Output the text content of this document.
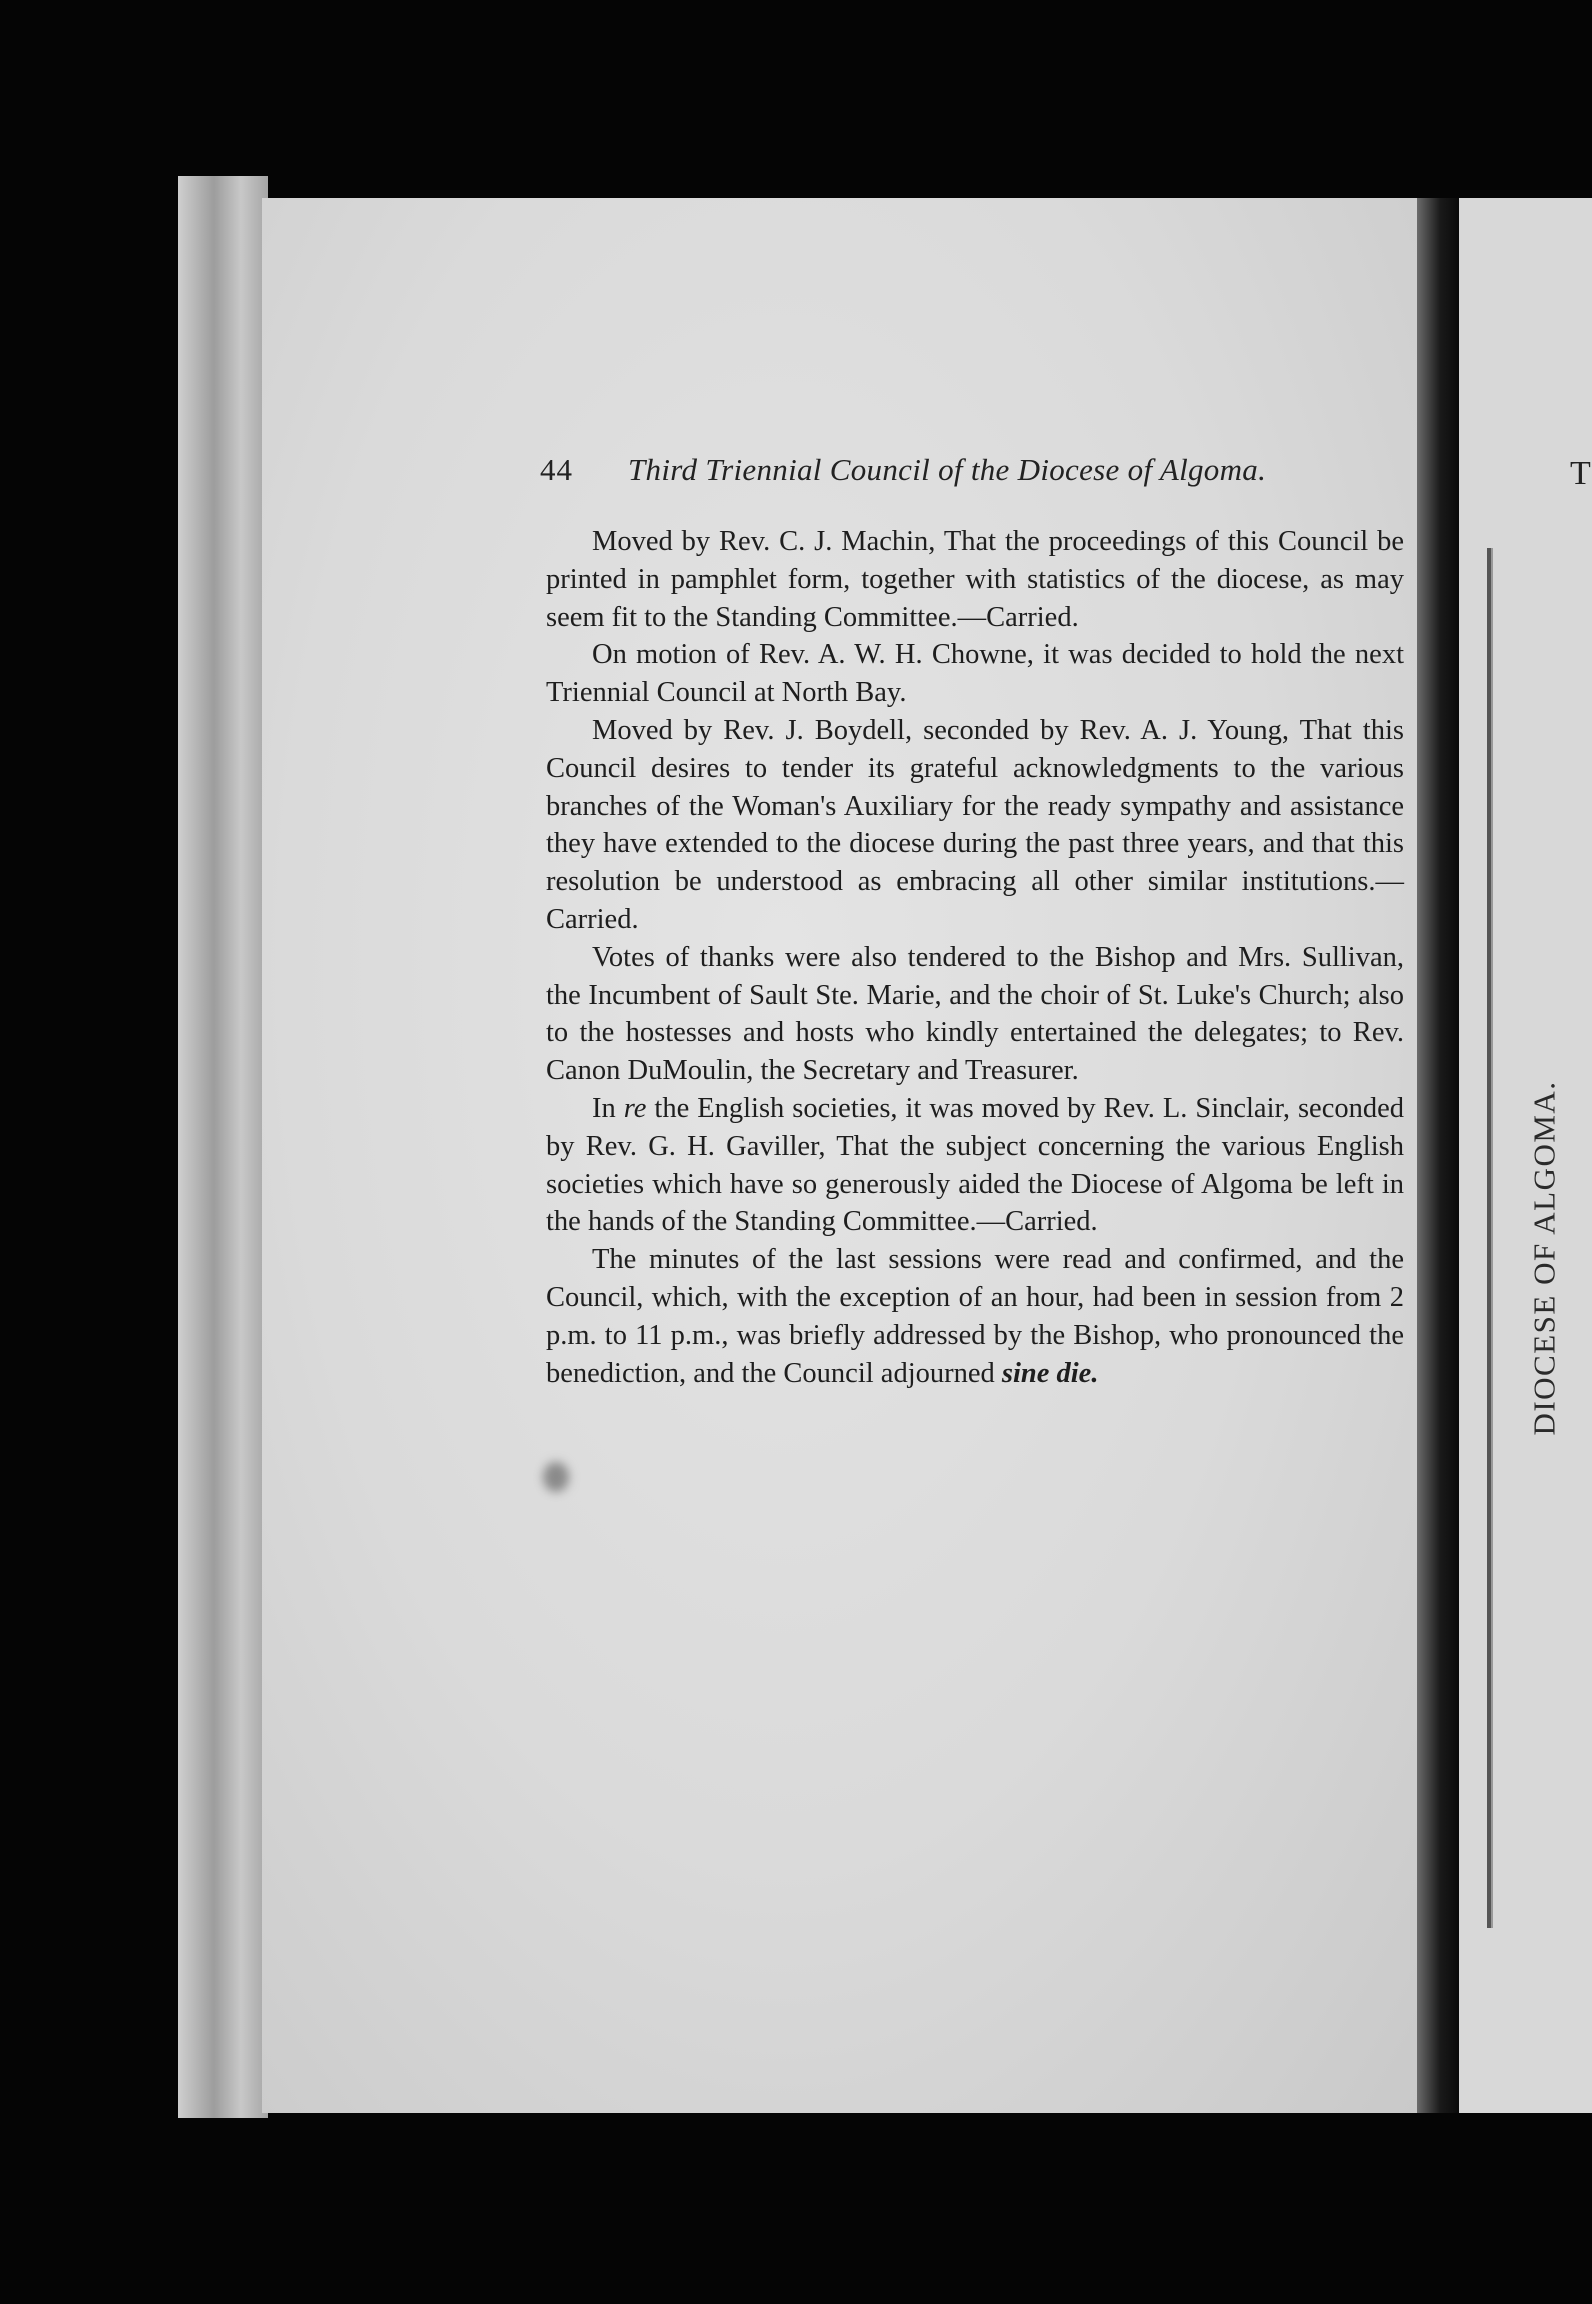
44 Third Triennial Council of the Diocese of Algoma.

Moved by Rev. C. J. Machin, That the proceedings of this Council be printed in pamphlet form, together with statistics of the diocese, as may seem fit to the Standing Committee.—Carried.

On motion of Rev. A. W. H. Chowne, it was decided to hold the next Triennial Council at North Bay.

Moved by Rev. J. Boydell, seconded by Rev. A. J. Young, That this Council desires to tender its grateful acknowledgments to the various branches of the Woman's Auxiliary for the ready sympathy and assistance they have extended to the diocese during the past three years, and that this resolution be understood as embracing all other similar institutions.—Carried.

Votes of thanks were also tendered to the Bishop and Mrs. Sullivan, the Incumbent of Sault Ste. Marie, and the choir of St. Luke's Church; also to the hostesses and hosts who kindly entertained the delegates; to Rev. Canon DuMoulin, the Secretary and Treasurer.

In re the English societies, it was moved by Rev. L. Sinclair, seconded by Rev. G. H. Gaviller, That the subject concerning the various English societies which have so generously aided the Diocese of Algoma be left in the hands of the Standing Committee.—Carried.

The minutes of the last sessions were read and confirmed, and the Council, which, with the exception of an hour, had been in session from 2 p.m. to 11 p.m., was briefly addressed by the Bishop, who pronounced the benediction, and the Council adjourned sine die.	DIOCESE OF ALGOMA.
T
